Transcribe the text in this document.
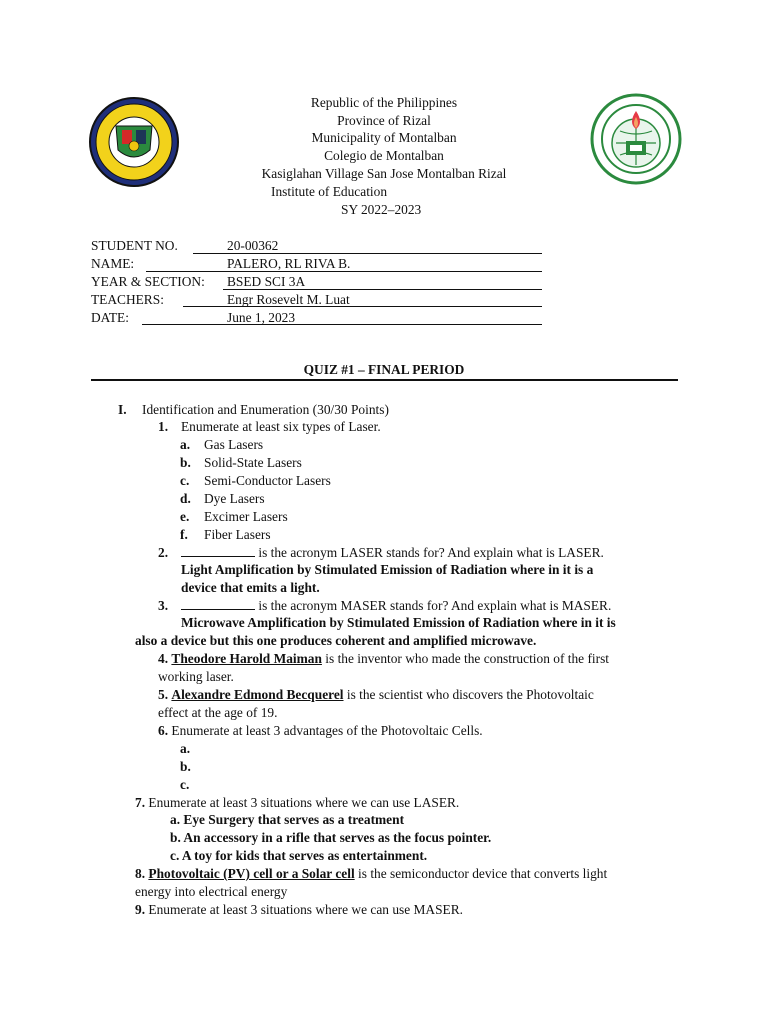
Republic of the Philippines
Province of Rizal
Municipality of Montalban
Colegio de Montalban
Kasiglahan Village San Jose Montalban Rizal
Institute of Education
SY 2022–2023
STUDENT NO.	20-00362
NAME:	PALERO, RL RIVA B.
YEAR & SECTION: BSED SCI 3A
TEACHERS:	Engr Rosevelt M. Luat
DATE:	June 1, 2023
QUIZ #1 – FINAL PERIOD
I. Identification and Enumeration (30/30 Points)
1. Enumerate at least six types of Laser.
a. Gas Lasers
b. Solid-State Lasers
c. Semi-Conductor Lasers
d. Dye Lasers
e. Excimer Lasers
f. Fiber Lasers
2.	is the acronym LASER stands for? And explain what is LASER.
Light Amplification by Stimulated Emission of Radiation where in it is a
device that emits a light.
3.	is the acronym MASER stands for? And explain what is MASER.
Microwave Amplification by Stimulated Emission of Radiation where in it is
also a device but this one produces coherent and amplified microwave.
4. Theodore Harold Maiman is the inventor who made the construction of the first
working laser.
5. Alexandre Edmond Becquerel is the scientist who discovers the Photovoltaic
effect at the age of 19.
6. Enumerate at least 3 advantages of the Photovoltaic Cells.
a.
b.
c.
7. Enumerate at least 3 situations where we can use LASER.
a. Eye Surgery that serves as a treatment
b. An accessory in a rifle that serves as the focus pointer.
c. A toy for kids that serves as entertainment.
8. Photovoltaic (PV) cell or a Solar cell is the semiconductor device that converts light
energy into electrical energy
9. Enumerate at least 3 situations where we can use MASER.
